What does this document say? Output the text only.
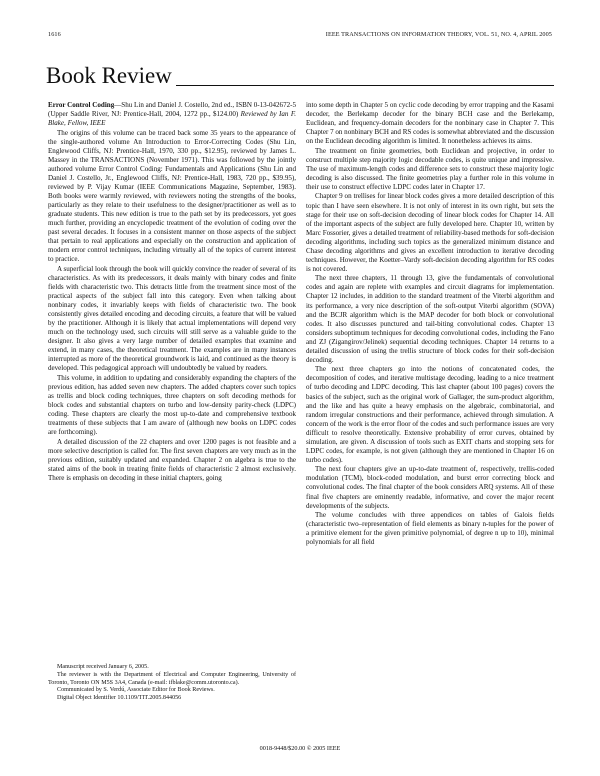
1616	IEEE TRANSACTIONS ON INFORMATION THEORY, VOL. 51, NO. 4, APRIL 2005
Book Review

Error Control Coding—Shu Lin and Daniel J. Costello, 2nd ed., ISBN 0-13-042672-5 (Upper Saddle River, NJ: Prentice-Hall, 2004, 1272 pp., $124.00) Reviewed by Ian F. Blake, Fellow, IEEE

The origins of this volume can be traced back some 35 years to the appearance of the single-authored volume An Introduction to Error-Correcting Codes (Shu Lin, Englewood Cliffs, NJ: Prentice-Hall, 1970, 330 pp., $12.95), reviewed by James L. Massey in the TRANSACTIONS (November 1971). This was followed by the jointly authored volume Error Control Coding: Fundamentals and Applications (Shu Lin and Daniel J. Costello, Jr., Englewood Cliffs, NJ: Prentice-Hall, 1983, 720 pp., $39.95), reviewed by P. Vijay Kumar (IEEE Communications Magazine, September, 1983). Both books were warmly reviewed, with reviewers noting the strengths of the books, particularly as they relate to their usefulness to the designer/practitioner as well as to graduate students. This new edition is true to the path set by its predecessors, yet goes much further, providing an encyclopedic treatment of the evolution of coding over the past several decades. It focuses in a consistent manner on those aspects of the subject that pertain to real applications and especially on the construction and application of modern error control techniques, including virtually all of the topics of current interest to practice.

A superficial look through the book will quickly convince the reader of several of its characteristics. As with its predecessors, it deals mainly with binary codes and finite fields with characteristic two. This detracts little from the treatment since most of the practical aspects of the subject fall into this category. Even when talking about nonbinary codes, it invariably keeps with fields of characteristic two. The book consistently gives detailed encoding and decoding circuits, a feature that will be valued by the practitioner. Although it is likely that actual implementations will depend very much on the technology used, such circuits will still serve as a valuable guide to the designer. It also gives a very large number of detailed examples that examine and extend, in many cases, the theoretical treatment. The examples are in many instances interrupted as more of the theoretical groundwork is laid, and continued as the theory is developed. This pedagogical approach will undoubtedly be valued by readers.

This volume, in addition to updating and considerably expanding the chapters of the previous edition, has added seven new chapters. The added chapters cover such topics as trellis and block coding techniques, three chapters on soft decoding methods for block codes and substantial chapters on turbo and low-density parity-check (LDPC) coding. These chapters are clearly the most up-to-date and comprehensive textbook treatments of these subjects that I am aware of (although new books on LDPC codes are forthcoming).

A detailed discussion of the 22 chapters and over 1200 pages is not feasible and a more selective description is called for. The first seven chapters are very much as in the previous edition, suitably updated and expanded. Chapter 2 on algebra is true to the stated aims of the book in treating finite fields of characteristic 2 almost exclusively. There is emphasis on decoding in these initial chapters, going

Manuscript received January 6, 2005.

The reviewer is with the Department of Electrical and Computer Engineering, University of Toronto, Toronto ON M5S 3A4, Canada (e-mail: ifblake@comm.utoronto.ca).

Communicated by S. Verdú, Associate Editor for Book Reviews.

Digital Object Identifier 10.1109/TIT.2005.844056

into some depth in Chapter 5 on cyclic code decoding by error trapping and the Kasami decoder, the Berlekamp decoder for the binary BCH case and the Berlekamp, Euclidean, and frequency-domain decoders for the nonbinary case in Chapter 7. This Chapter 7 on nonbinary BCH and RS codes is somewhat abbreviated and the discussion on the Euclidean decoding algorithm is limited. It nonetheless achieves its aims.

The treatment on finite geometries, both Euclidean and projective, in order to construct multiple step majority logic decodable codes, is quite unique and impressive. The use of maximum-length codes and difference sets to construct these majority logic decoding is also discussed. The finite geometries play a further role in this volume in their use to construct effective LDPC codes later in Chapter 17.

Chapter 9 on trellises for linear block codes gives a more detailed description of this topic than I have seen elsewhere. It is not only of interest in its own right, but sets the stage for their use on soft-decision decoding of linear block codes for Chapter 14. All of the important aspects of the subject are fully developed here. Chapter 10, written by Marc Fossorier, gives a detailed treatment of reliability-based methods for soft-decision decoding algorithms, including such topics as the generalized minimum distance and Chase decoding algorithms and gives an excellent introduction to iterative decoding techniques. However, the Koetter–Vardy soft-decision decoding algorithm for RS codes is not covered.

The next three chapters, 11 through 13, give the fundamentals of convolutional codes and again are replete with examples and circuit diagrams for implementation. Chapter 12 includes, in addition to the standard treatment of the Viterbi algorithm and its performance, a very nice description of the soft-output Viterbi algorithm (SOVA) and the BCJR algorithm which is the MAP decoder for both block or convolutional codes. It also discusses punctured and tail-biting convolutional codes. Chapter 13 considers suboptimum techniques for decoding convolutional codes, including the Fano and ZJ (Zigangirov/Jelinek) sequential decoding techniques. Chapter 14 returns to a detailed discussion of using the trellis structure of block codes for their soft-decision decoding.

The next three chapters go into the notions of concatenated codes, the decomposition of codes, and iterative multistage decoding, leading to a nice treatment of turbo decoding and LDPC decoding. This last chapter (about 100 pages) covers the basics of the subject, such as the original work of Gallager, the sum-product algorithm, and the like and has quite a heavy emphasis on the algebraic, combinatorial, and random irregular constructions and their performance, achieved through simulation. A concern of the work is the error floor of the codes and such performance issues are very difficult to resolve theoretically. Extensive probability of error curves, obtained by simulation, are given. A discussion of tools such as EXIT charts and stopping sets for LDPC codes, for example, is not given (although they are mentioned in Chapter 16 on turbo codes).

The next four chapters give an up-to-date treatment of, respectively, trellis-coded modulation (TCM), block-coded modulation, and burst error correcting block and convolutional codes. The final chapter of the book considers ARQ systems. All of these final five chapters are eminently readable, informative, and cover the major recent developments of the subjects.

The volume concludes with three appendices on tables of Galois fields (characteristic two–representation of field elements as binary n-tuples for the power of a primitive element for the given primitive polynomial, of degree n up to 10), minimal polynomials for all field

0018-9448/$20.00 © 2005 IEEE
